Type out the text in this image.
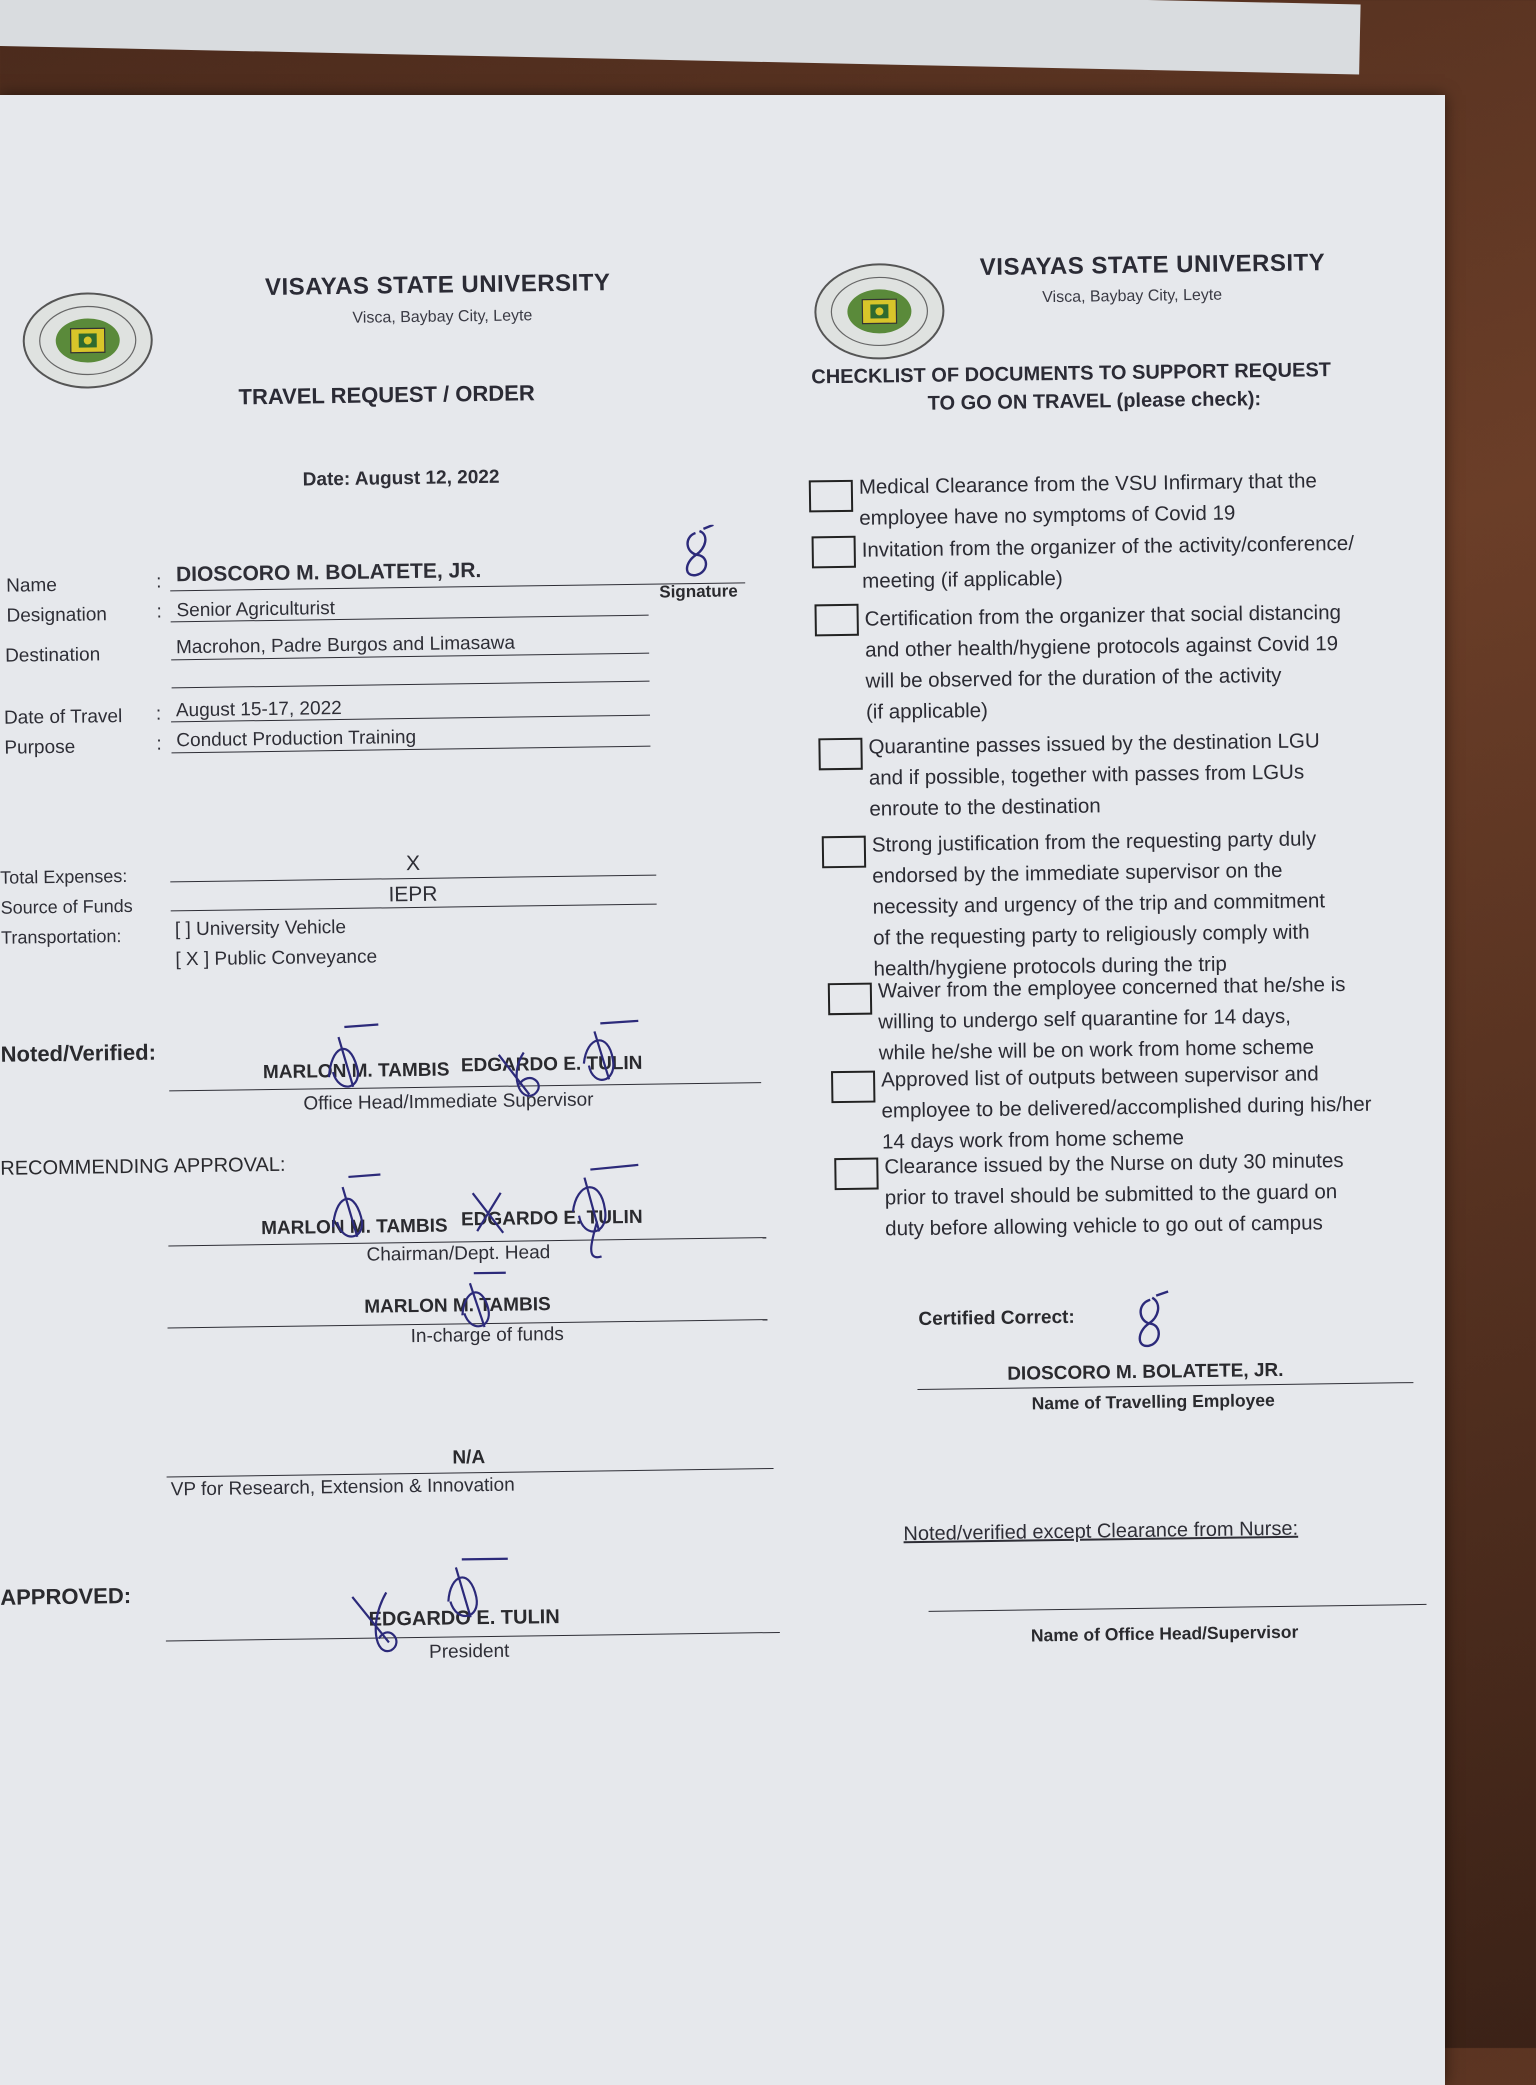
VISAYAS STATE UNIVERSITY
Visca, Baybay City, Leyte
TRAVEL REQUEST / ORDER
Date: August 12, 2022
Name	: DIOSCORO M. BOLATETE, JR.
Signature
Designation	: Senior Agriculturist
Destination	Macrohon, Padre Burgos and Limasawa
Date of Travel : August 15-17, 2022
Purpose	: Conduct Production Training
Total Expenses:
X
Source of Funds
IEPR
Transportation:	[ ] University Vehicle
[ X ] Public Conveyance
Noted/Verified:
MARLON M. TAMBIS EDGARDO E. TULIN
Office Head/Immediate Supervisor
RECOMMENDING APPROVAL:
MARLON M. TAMBIS EDGARDO E. TULIN
Chairman/Dept. Head
MARLON M. TAMBIS
In-charge of funds
N/A
VP for Research, Extension & Innovation
APPROVED:
EDGARDO E. TULIN
President
VISAYAS STATE UNIVERSITY
Visca, Baybay City, Leyte
CHECKLIST OF DOCUMENTS TO SUPPORT REQUEST
TO GO ON TRAVEL (please check):
Medical Clearance from the VSU Infirmary that the
employee have no symptoms of Covid 19
Invitation from the organizer of the activity/conference/
meeting (if applicable)
Certification from the organizer that social distancing
and other health/hygiene protocols against Covid 19
will be observed for the duration of the activity
(if applicable)
Quarantine passes issued by the destination LGU
and if possible, together with passes from LGUs
enroute to the destination
Strong justification from the requesting party duly
endorsed by the immediate supervisor on the
necessity and urgency of the trip and commitment
of the requesting party to religiously comply with
health/hygiene protocols during the trip
Waiver from the employee concerned that he/she is
willing to undergo self quarantine for 14 days,
while he/she will be on work from home scheme
Approved list of outputs between supervisor and
employee to be delivered/accomplished during his/her
14 days work from home scheme
Clearance issued by the Nurse on duty 30 minutes
prior to travel should be submitted to the guard on
duty before allowing vehicle to go out of campus
Certified Correct:
DIOSCORO M. BOLATETE, JR.
Name of Travelling Employee
Noted/verified except Clearance from Nurse:
Name of Office Head/Supervisor
